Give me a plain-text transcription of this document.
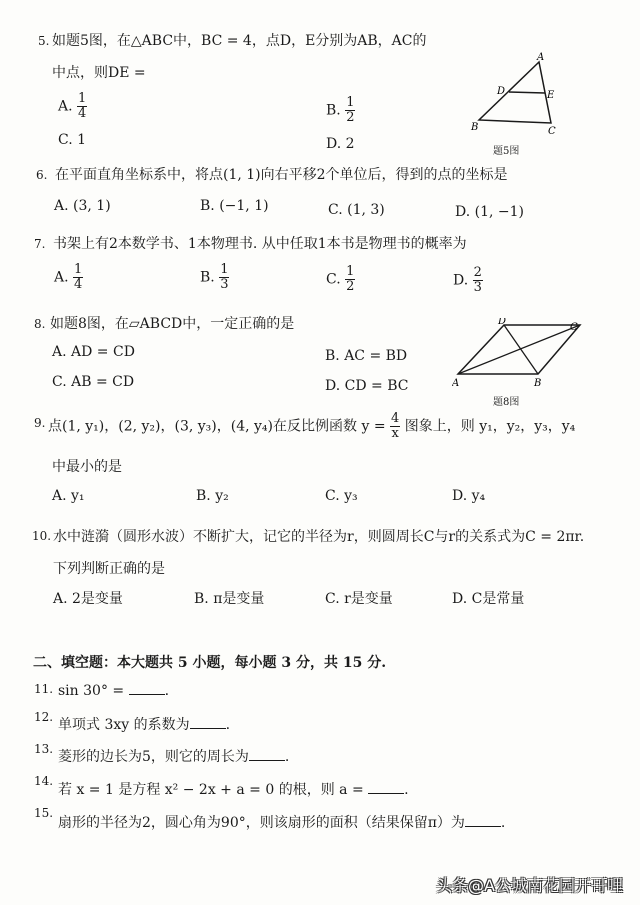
5. 如题5图，在△ABC中，BC = 4，点D，E分别为AB，AC的
中点，则DE =
A. $\frac{1}{4}$	B. $\frac{1}{2}$
C. 1	D. 2
A
D	E
B	C
题5图
6. 在平面直角坐标系中，将点(1, 1)向右平移2个单位后，得到的点的坐标是
A. (3, 1)	B. (−1, 1)	C. (1, 3)	D. (1, −1)
7. 书架上有2本数学书、1本物理书. 从中任取1本书是物理书的概率为
A. $\frac{1}{4}$	B. $\frac{1}{3}$	C. $\frac{1}{2}$	D. $\frac{2}{3}$
8. 如题8图，在▱ABCD中，一定正确的是
A. AD = CD	B. AC = BD
C. AB = CD	D. CD = BC	A	B
C
D
题8图
9. 点(1, y₁)，(2, y₂)，(3, y₃)，(4, y₄)在反比例函数 $y = \frac{4}{x}$ 图象上，则 y₁，y₂，y₃，y₄
中最小的是
A. y₁	B. y₂	C. y₃	D. y₄
10. 水中涟漪（圆形水波）不断扩大，记它的半径为r，则圆周长C与r的关系式为C = 2πr.
下列判断正确的是
A. 2是变量	B. π是变量	C. r是变量	D. C是常量
二、填空题：本大题共 5 小题，每小题 3 分，共 15 分.
11. sin 30° =	.
12. 单项式 3xy 的系数为	.
13. 菱形的边长为5，则它的周长为	.
14.
若 x = 1 是方程 x² − 2x + a = 0 的根，则 a =	.
15.
扇形的半径为2，圆心角为90°，则该扇形的面积（结果保留π）为	.
头条@A公城南花园开哥哩
